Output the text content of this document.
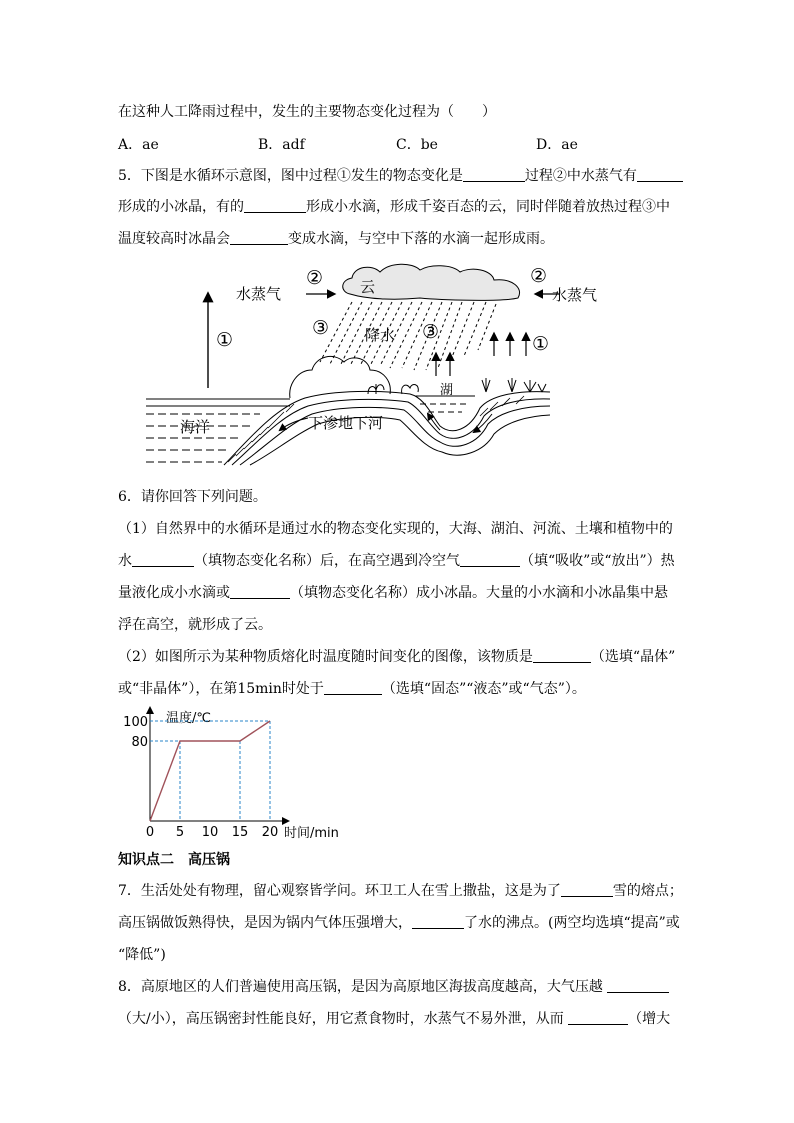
在这种人工降雨过程中，发生的主要物态变化过程为（　　）
A．ae	B．adf	C．be	D．ae
5．下图是水循环示意图，图中过程①发生的物态变化是	过程②中水蒸气有
形成的小冰晶，有的	形成小水滴，形成千姿百态的云，同时伴随着放热过程③中
温度较高时冰晶会	变成水滴，与空中下落的水滴一起形成雨。
水蒸气	水蒸气
云
降水
湖
海洋	下渗地下河
①	①
②	②
③	③
6．请你回答下列问题。
（1）自然界中的水循环是通过水的物态变化实现的，大海、湖泊、河流、土壤和植物中的
水	（填物态变化名称）后，在高空遇到冷空气	（填“吸收”或“放出”）热
量液化成小水滴或	（填物态变化名称）成小冰晶。大量的小水滴和小冰晶集中悬
浮在高空，就形成了云。
（2）如图所示为某种物质熔化时温度随时间变化的图像，该物质是	（选填“晶体”
或“非晶体”），在第15min时处于	（选填“固态”“液态”或“气态”）。
温度/℃
时间/min
0 5 10 15 20
80
100
知识点二　高压锅
7．生活处处有物理，留心观察皆学问。环卫工人在雪上撒盐，这是为了	雪的熔点；
高压锅做饭熟得快，是因为锅内气体压强增大，	了水的沸点。(两空均选填“提高”或
“降低”)
8．高原地区的人们普遍使用高压锅，是因为高原地区海拔高度越高，大气压越
（大/小），高压锅密封性能良好，用它煮食物时，水蒸气不易外泄，从而	（增大
